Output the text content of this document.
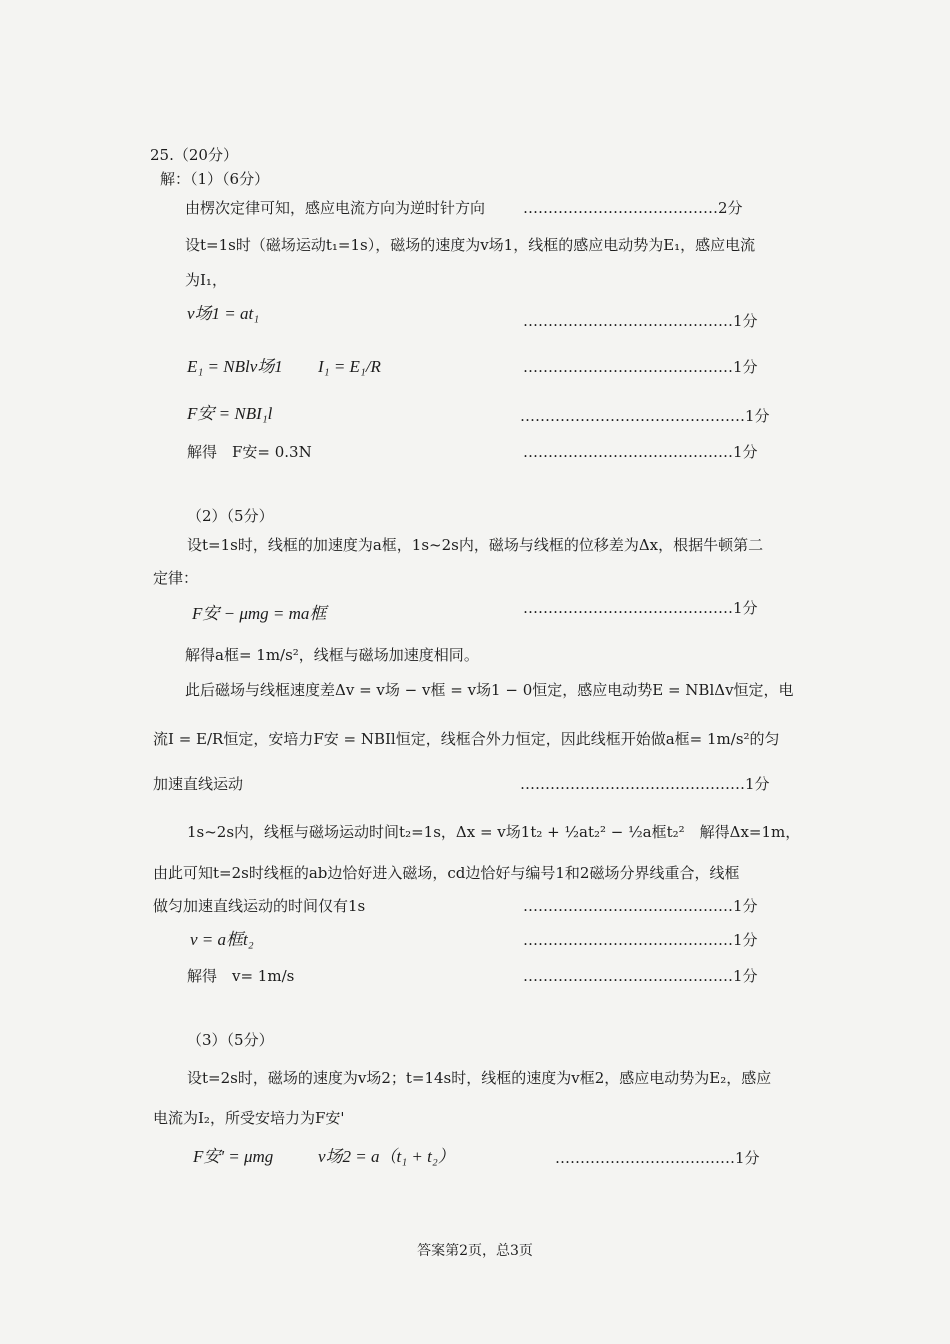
25.（20分）
解：（1）（6分）
由楞次定律可知，感应电流方向为逆时针方向	…………………………………2分
设t=1s时（磁场运动t₁=1s），磁场的速度为v场1，线框的感应电动势为E₁，感应电流
为I₁，
v场1 = at₁	……………………………………1分
E₁ = NBlv场1 I₁ = E₁/R	……………………………………1分
F安 = NBI₁l	………………………………………1分
解得　F安= 0.3N	……………………………………1分
（2）（5分）
设t=1s时，线框的加速度为a框，1s~2s内，磁场与线框的位移差为Δx，根据牛顿第二
定律：
F安 − μmg = ma框	……………………………………1分
解得a框= 1m/s²，线框与磁场加速度相同。
此后磁场与线框速度差Δv = v场 − v框 = v场1 − 0恒定，感应电动势E = NBlΔv恒定，电
流I = E/R恒定，安培力F安 = NBIl恒定，线框合外力恒定，因此线框开始做a框= 1m/s²的匀
加速直线运动	………………………………………1分
1s~2s内，线框与磁场运动时间t₂=1s，Δx = v场1t₂ + ½at₂² − ½a框t₂²　解得Δx=1m，
由此可知t=2s时线框的ab边恰好进入磁场，cd边恰好与编号1和2磁场分界线重合，线框
做匀加速直线运动的时间仅有1s	……………………………………1分
v = a框t₂	……………………………………1分
解得　v= 1m/s	……………………………………1分
（3）（5分）
设t=2s时，磁场的速度为v场2；t=14s时，线框的速度为v框2，感应电动势为E₂，感应
电流为I₂，所受安培力为F安'
F安' = μmg	v场2 = a（t₁ + t₂）	………………………………1分
答案第2页，总3页
